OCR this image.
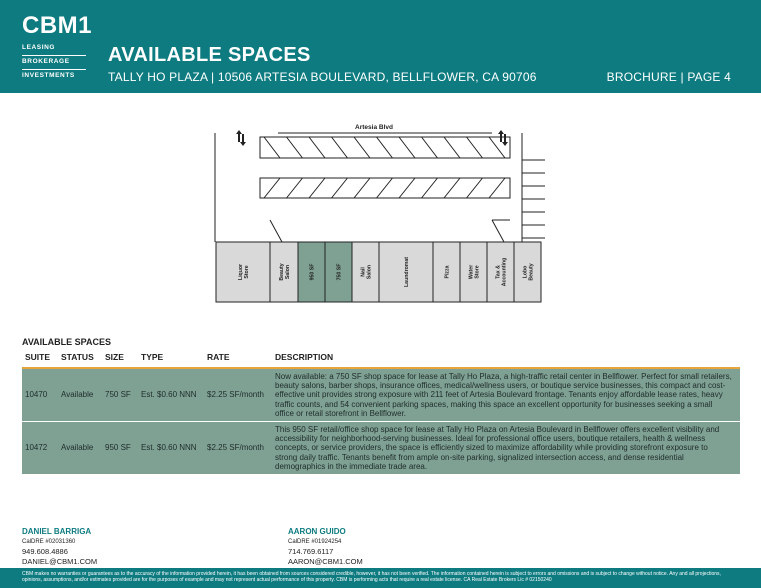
CBM1
LEASING
BROKERAGE
INVESTMENTS
AVAILABLE SPACES
TALLY HO PLAZA | 10506 ARTESIA BOULEVARD, BELLFLOWER, CA 90706	BROCHURE | PAGE 4
Artesia Blvd
LiquorStore	BeautySalon	950 SF	750 SF	NailSalon	Laundromat	Pizza	WaterStore	Tax &Accounting	LoboBeauty
AVAILABLE SPACES
SUITE	STATUS	SIZE	TYPE	RATE	DESCRIPTION
10470	Available	750 SF	Est. $0.60 NNN	$2.25 SF/month	Now available: a 750 SF shop space for lease at Tally Ho Plaza, a high-traffic retail center in Bellflower. Perfect for small retailers, beauty salons, barber shops, insurance offices, medical/wellness users, or boutique service businesses, this compact and cost-effective unit provides strong exposure with 211 feet of Artesia Boulevard frontage. Tenants enjoy affordable lease rates, heavy traffic counts, and 54 convenient parking spaces, making this space an excellent opportunity for businesses seeking a small office or retail storefront in Bellflower.
10472	Available	950 SF	Est. $0.60 NNN	$2.25 SF/month	This 950 SF retail/office shop space for lease at Tally Ho Plaza on Artesia Boulevard in Bellflower offers excellent visibility and accessibility for neighborhood-serving businesses. Ideal for professional office users, boutique retailers, health & wellness concepts, or service providers, the space is efficiently sized to maximize affordability while providing storefront exposure to strong daily traffic. Tenants benefit from ample on-site parking, signalized intersection access, and dense residential demographics in the immediate trade area.
DANIEL BARRIGA
CalDRE #02031360
949.608.4886
DANIEL@CBM1.COM
AARON GUIDO
CalDRE #01924254
714.769.6117
AARON@CBM1.COM
CBM makes no warranties or guarantees as to the accuracy of the information provided herein, it has been obtained from sources considered credible, however, it has not been verified. The information contained herein is subject to errors and omissions and is subject to change without notice. Any and all projections, opinions, assumptions, and/or estimates provided are for the purposes of example and may not represent actual performance of this property. CBM is performing acts that require a real estate license. CA Real Estate Brokers Lic # 02150240
